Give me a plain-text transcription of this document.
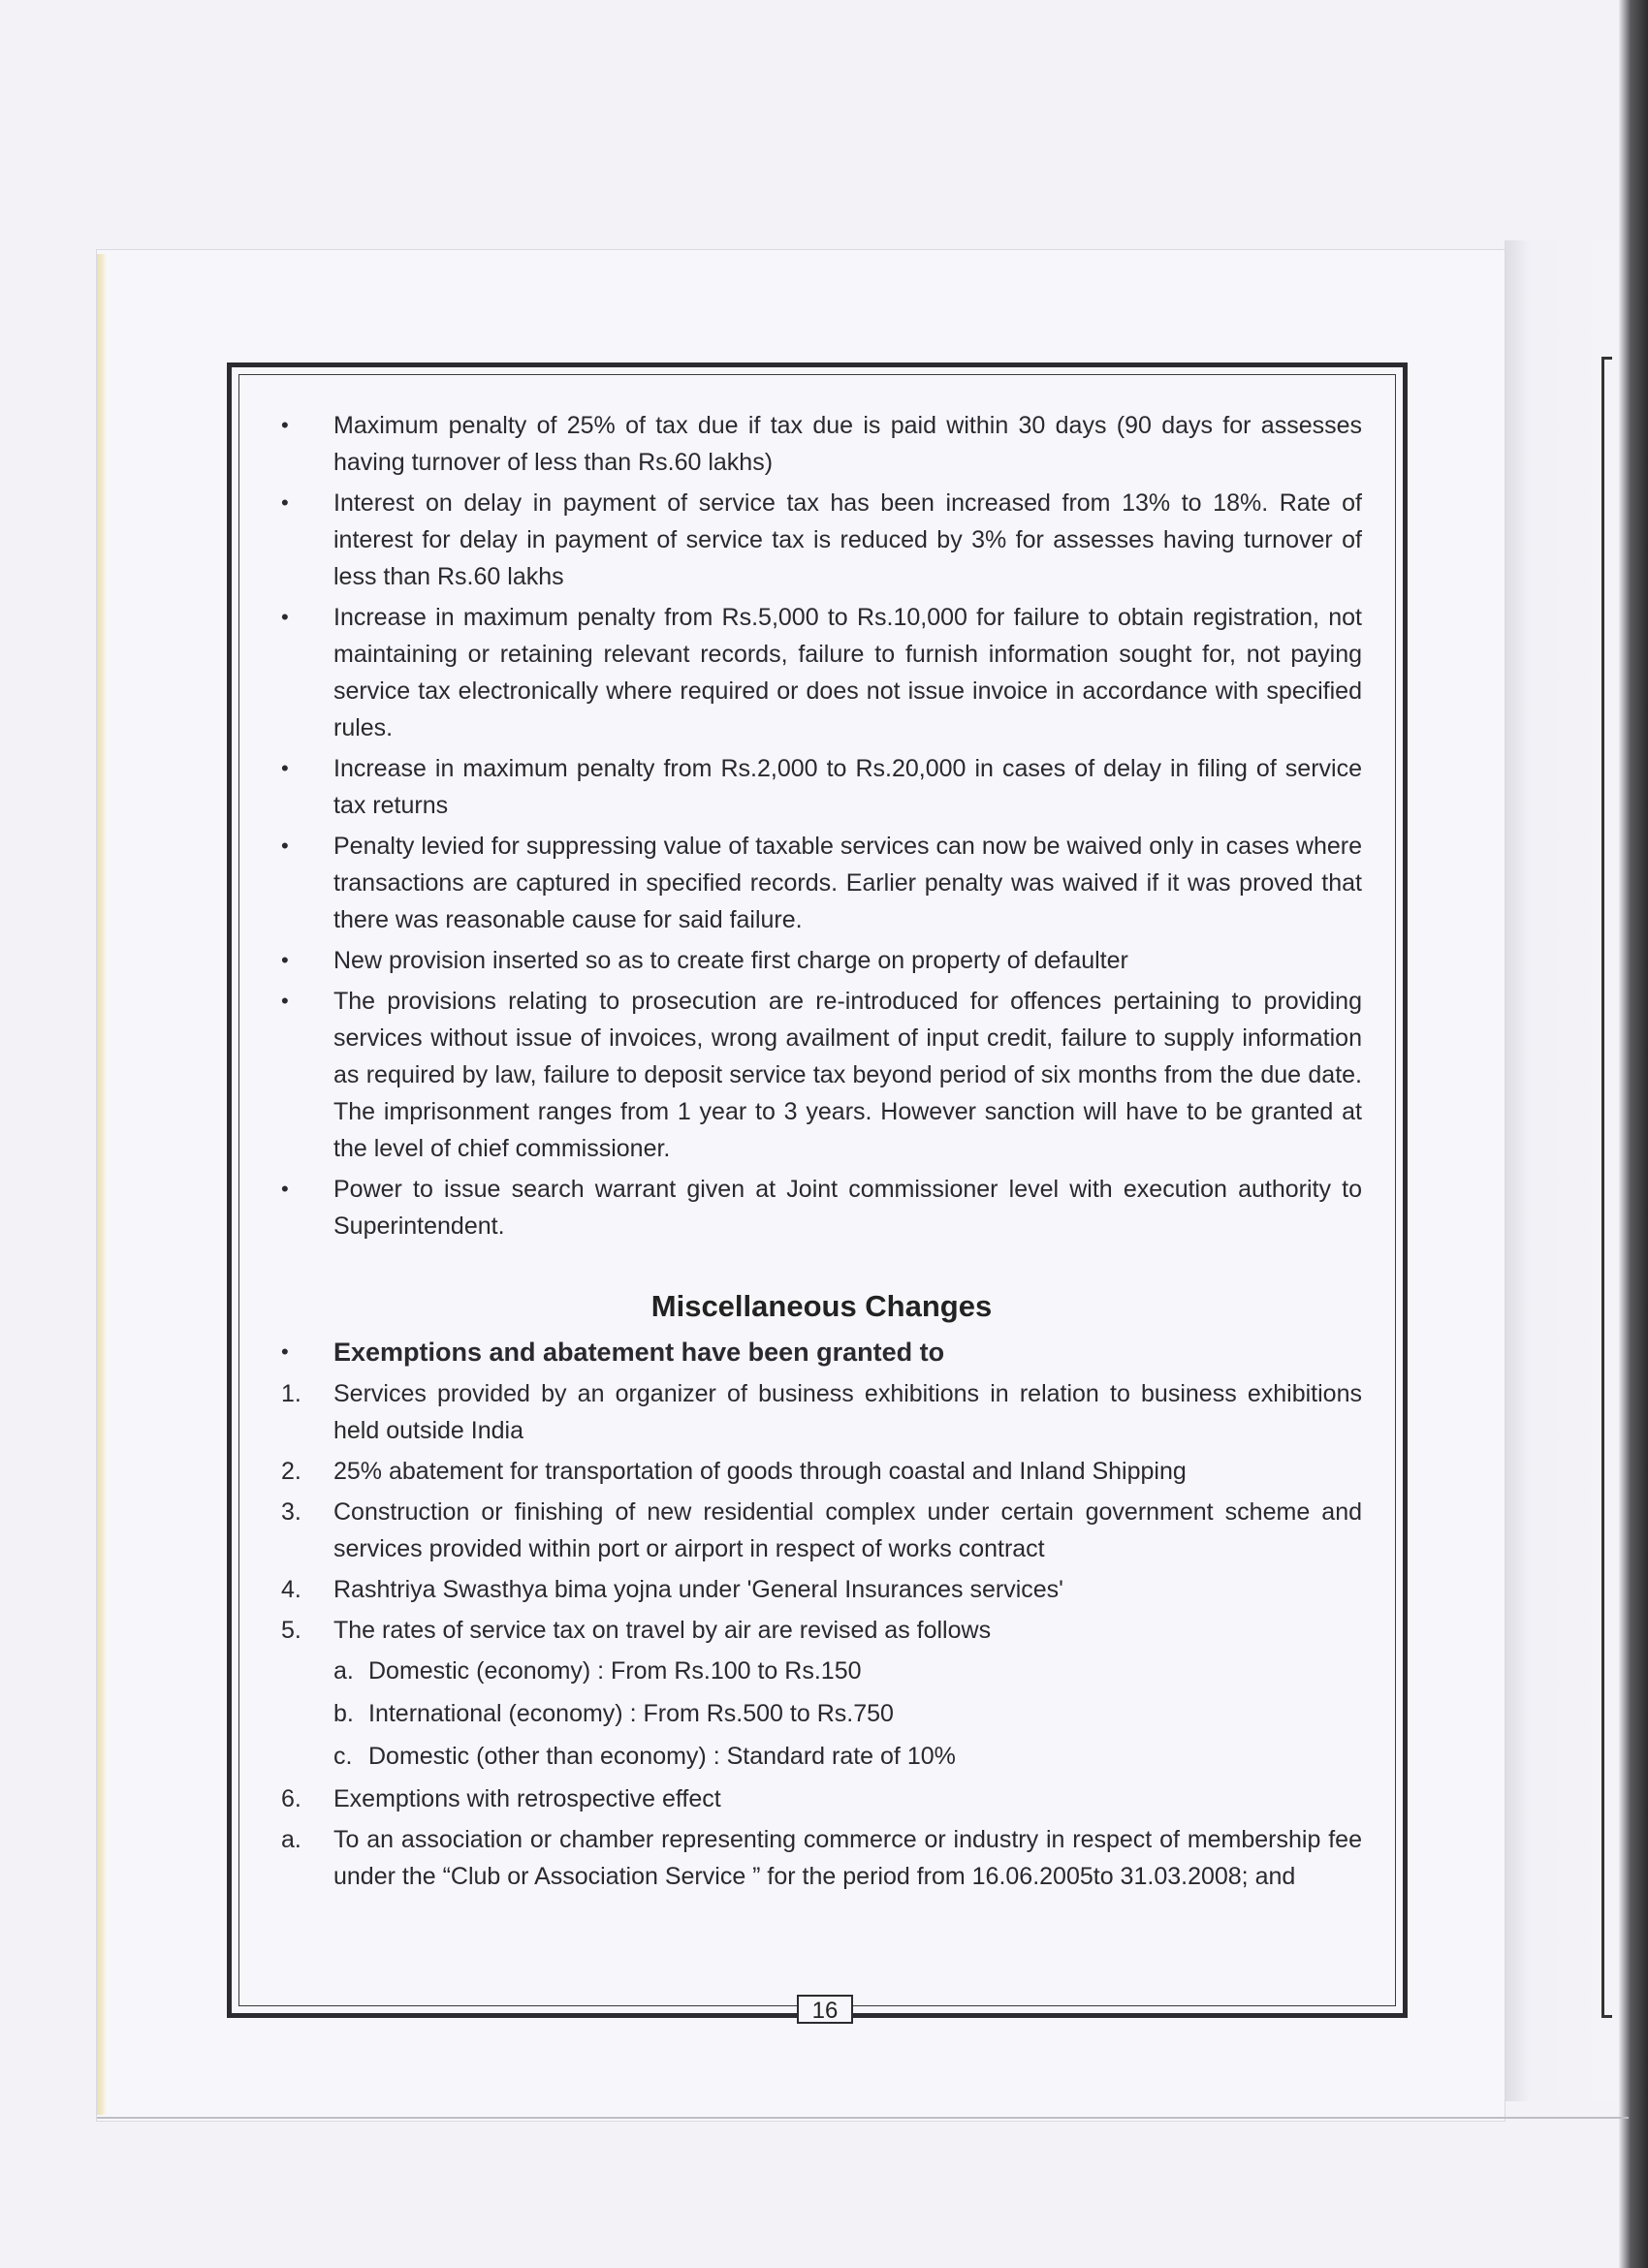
•	Maximum penalty of 25% of tax due if tax due is paid within 30 days (90 days for assesses having turnover of less than Rs.60 lakhs)
•	Interest on delay in payment of service tax has been increased from 13% to 18%. Rate of interest for delay in payment of service tax is reduced by 3% for assesses having turnover of less than Rs.60 lakhs
•	Increase in maximum penalty from Rs.5,000 to Rs.10,000 for failure to obtain registration, not maintaining or retaining relevant records, failure to furnish information sought for, not paying service tax electronically where required or does not issue invoice in accordance with specified rules.
•	Increase in maximum penalty from Rs.2,000 to Rs.20,000 in cases of delay in filing of service tax returns
•	Penalty levied for suppressing value of taxable services can now be waived only in cases where transactions are captured in specified records. Earlier penalty was waived if it was proved that there was reasonable cause for said failure.
•	New provision inserted so as to create first charge on property of defaulter
•	The provisions relating to prosecution are re-introduced for offences pertaining to providing services without issue of invoices, wrong availment of input credit, failure to supply information as required by law, failure to deposit service tax beyond period of six months from the due date. The imprisonment ranges from 1 year to 3 years. However sanction will have to be granted at the level of chief commissioner.
•	Power to issue search warrant given at Joint commissioner level with execution authority to Superintendent.
Miscellaneous Changes
•	Exemptions and abatement have been granted to
1.	Services provided by an organizer of business exhibitions in relation to business exhibitions held outside India
2.	25% abatement for transportation of goods through coastal and Inland Shipping
3.	Construction or finishing of new residential complex under certain government scheme and services provided within port or airport in respect of works contract
4.	Rashtriya Swasthya bima yojna under 'General Insurances services'
5.	The rates of service tax on travel by air are revised as follows
a. Domestic (economy) : From Rs.100 to Rs.150
b. International (economy) : From Rs.500 to Rs.750
c. Domestic (other than economy) : Standard rate of 10%
6.	Exemptions with retrospective effect
a.	To an association or chamber representing commerce or industry in respect of membership fee under the “Club or Association Service ” for the period from 16.06.2005to 31.03.2008; and
16
